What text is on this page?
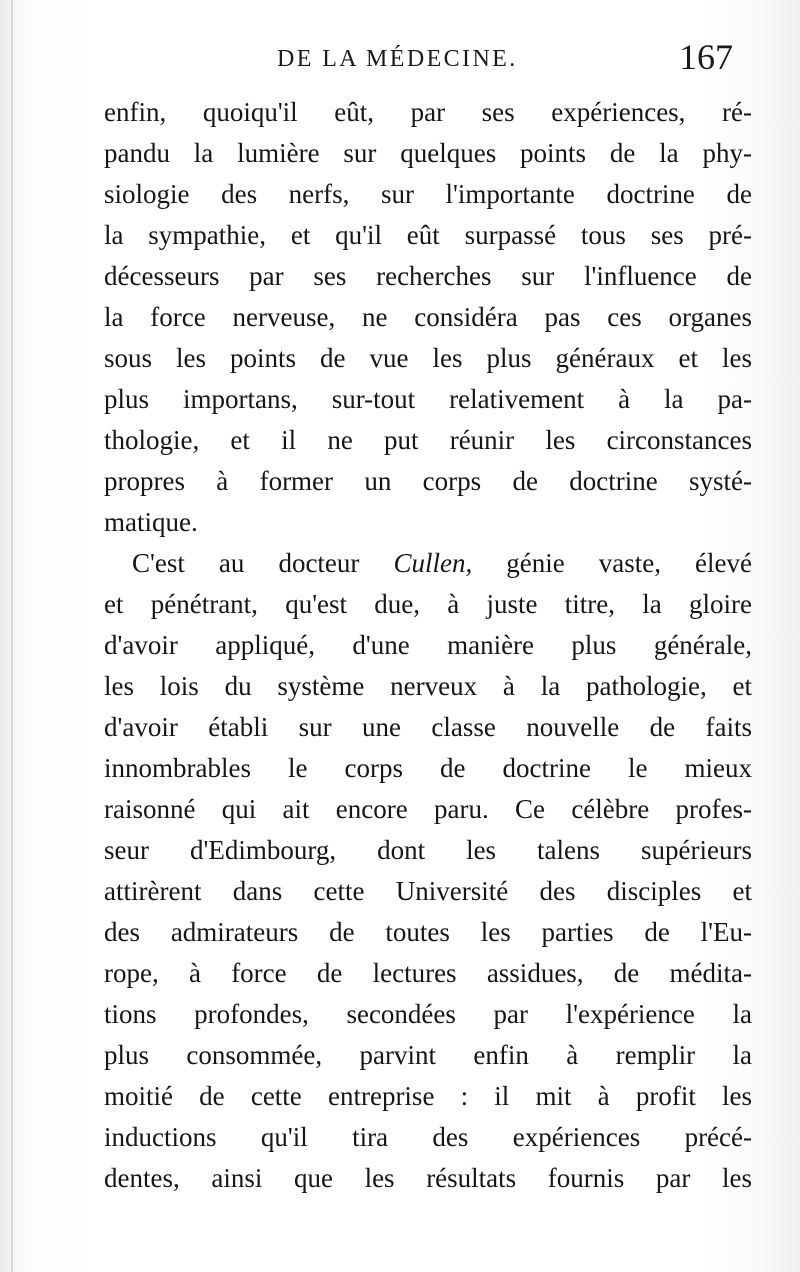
DE LA MÉDECINE.	167
enfin, quoiqu'il eût, par ses expériences, ré-
pandu la lumière sur quelques points de la phy-
siologie des nerfs, sur l'importante doctrine de
la sympathie, et qu'il eût surpassé tous ses pré-
décesseurs par ses recherches sur l'influence de
la force nerveuse, ne considéra pas ces organes
sous les points de vue les plus généraux et les
plus importans, sur-tout relativement à la pa-
thologie, et il ne put réunir les circonstances
propres à former un corps de doctrine systé-
matique.
C'est au docteur Cullen, génie vaste, élevé
et pénétrant, qu'est due, à juste titre, la gloire
d'avoir appliqué, d'une manière plus générale,
les lois du système nerveux à la pathologie, et
d'avoir établi sur une classe nouvelle de faits
innombrables le corps de doctrine le mieux
raisonné qui ait encore paru. Ce célèbre profes-
seur d'Edimbourg, dont les talens supérieurs
attirèrent dans cette Université des disciples et
des admirateurs de toutes les parties de l'Eu-
rope, à force de lectures assidues, de médita-
tions profondes, secondées par l'expérience la
plus consommée, parvint enfin à remplir la
moitié de cette entreprise : il mit à profit les
inductions qu'il tira des expériences précé-
dentes, ainsi que les résultats fournis par les
